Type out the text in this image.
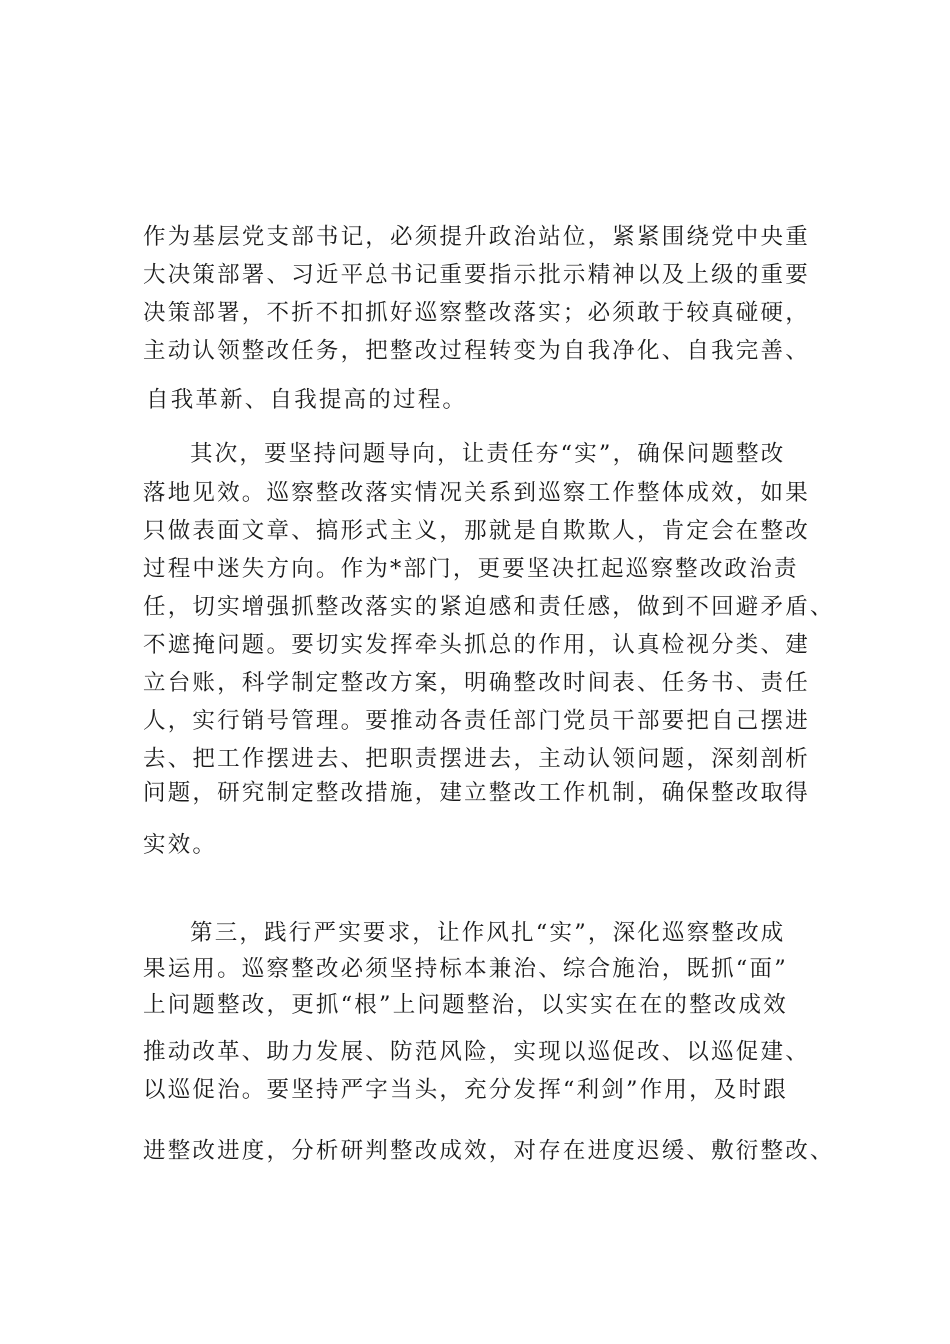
作为基层党支部书记，必须提升政治站位，紧紧围绕党中央重
大决策部署、习近平总书记重要指示批示精神以及上级的重要
决策部署，不折不扣抓好巡察整改落实；必须敢于较真碰硬，
主动认领整改任务，把整改过程转变为自我净化、自我完善、
自我革新、自我提高的过程。
其次，要坚持问题导向，让责任夯“实”，确保问题整改
落地见效。巡察整改落实情况关系到巡察工作整体成效，如果
只做表面文章、搞形式主义，那就是自欺欺人，肯定会在整改
过程中迷失方向。作为*部门，更要坚决扛起巡察整改政治责
任，切实增强抓整改落实的紧迫感和责任感，做到不回避矛盾、
不遮掩问题。要切实发挥牵头抓总的作用，认真检视分类、建
立台账，科学制定整改方案，明确整改时间表、任务书、责任
人，实行销号管理。要推动各责任部门党员干部要把自己摆进
去、把工作摆进去、把职责摆进去，主动认领问题，深刻剖析
问题，研究制定整改措施，建立整改工作机制，确保整改取得
实效。
第三，践行严实要求，让作风扎“实”，深化巡察整改成
果运用。巡察整改必须坚持标本兼治、综合施治，既抓“面”
上问题整改，更抓“根”上问题整治，以实实在在的整改成效
推动改革、助力发展、防范风险，实现以巡促改、以巡促建、
以巡促治。要坚持严字当头，充分发挥“利剑”作用，及时跟
进整改进度，分析研判整改成效，对存在进度迟缓、敷衍整改、
